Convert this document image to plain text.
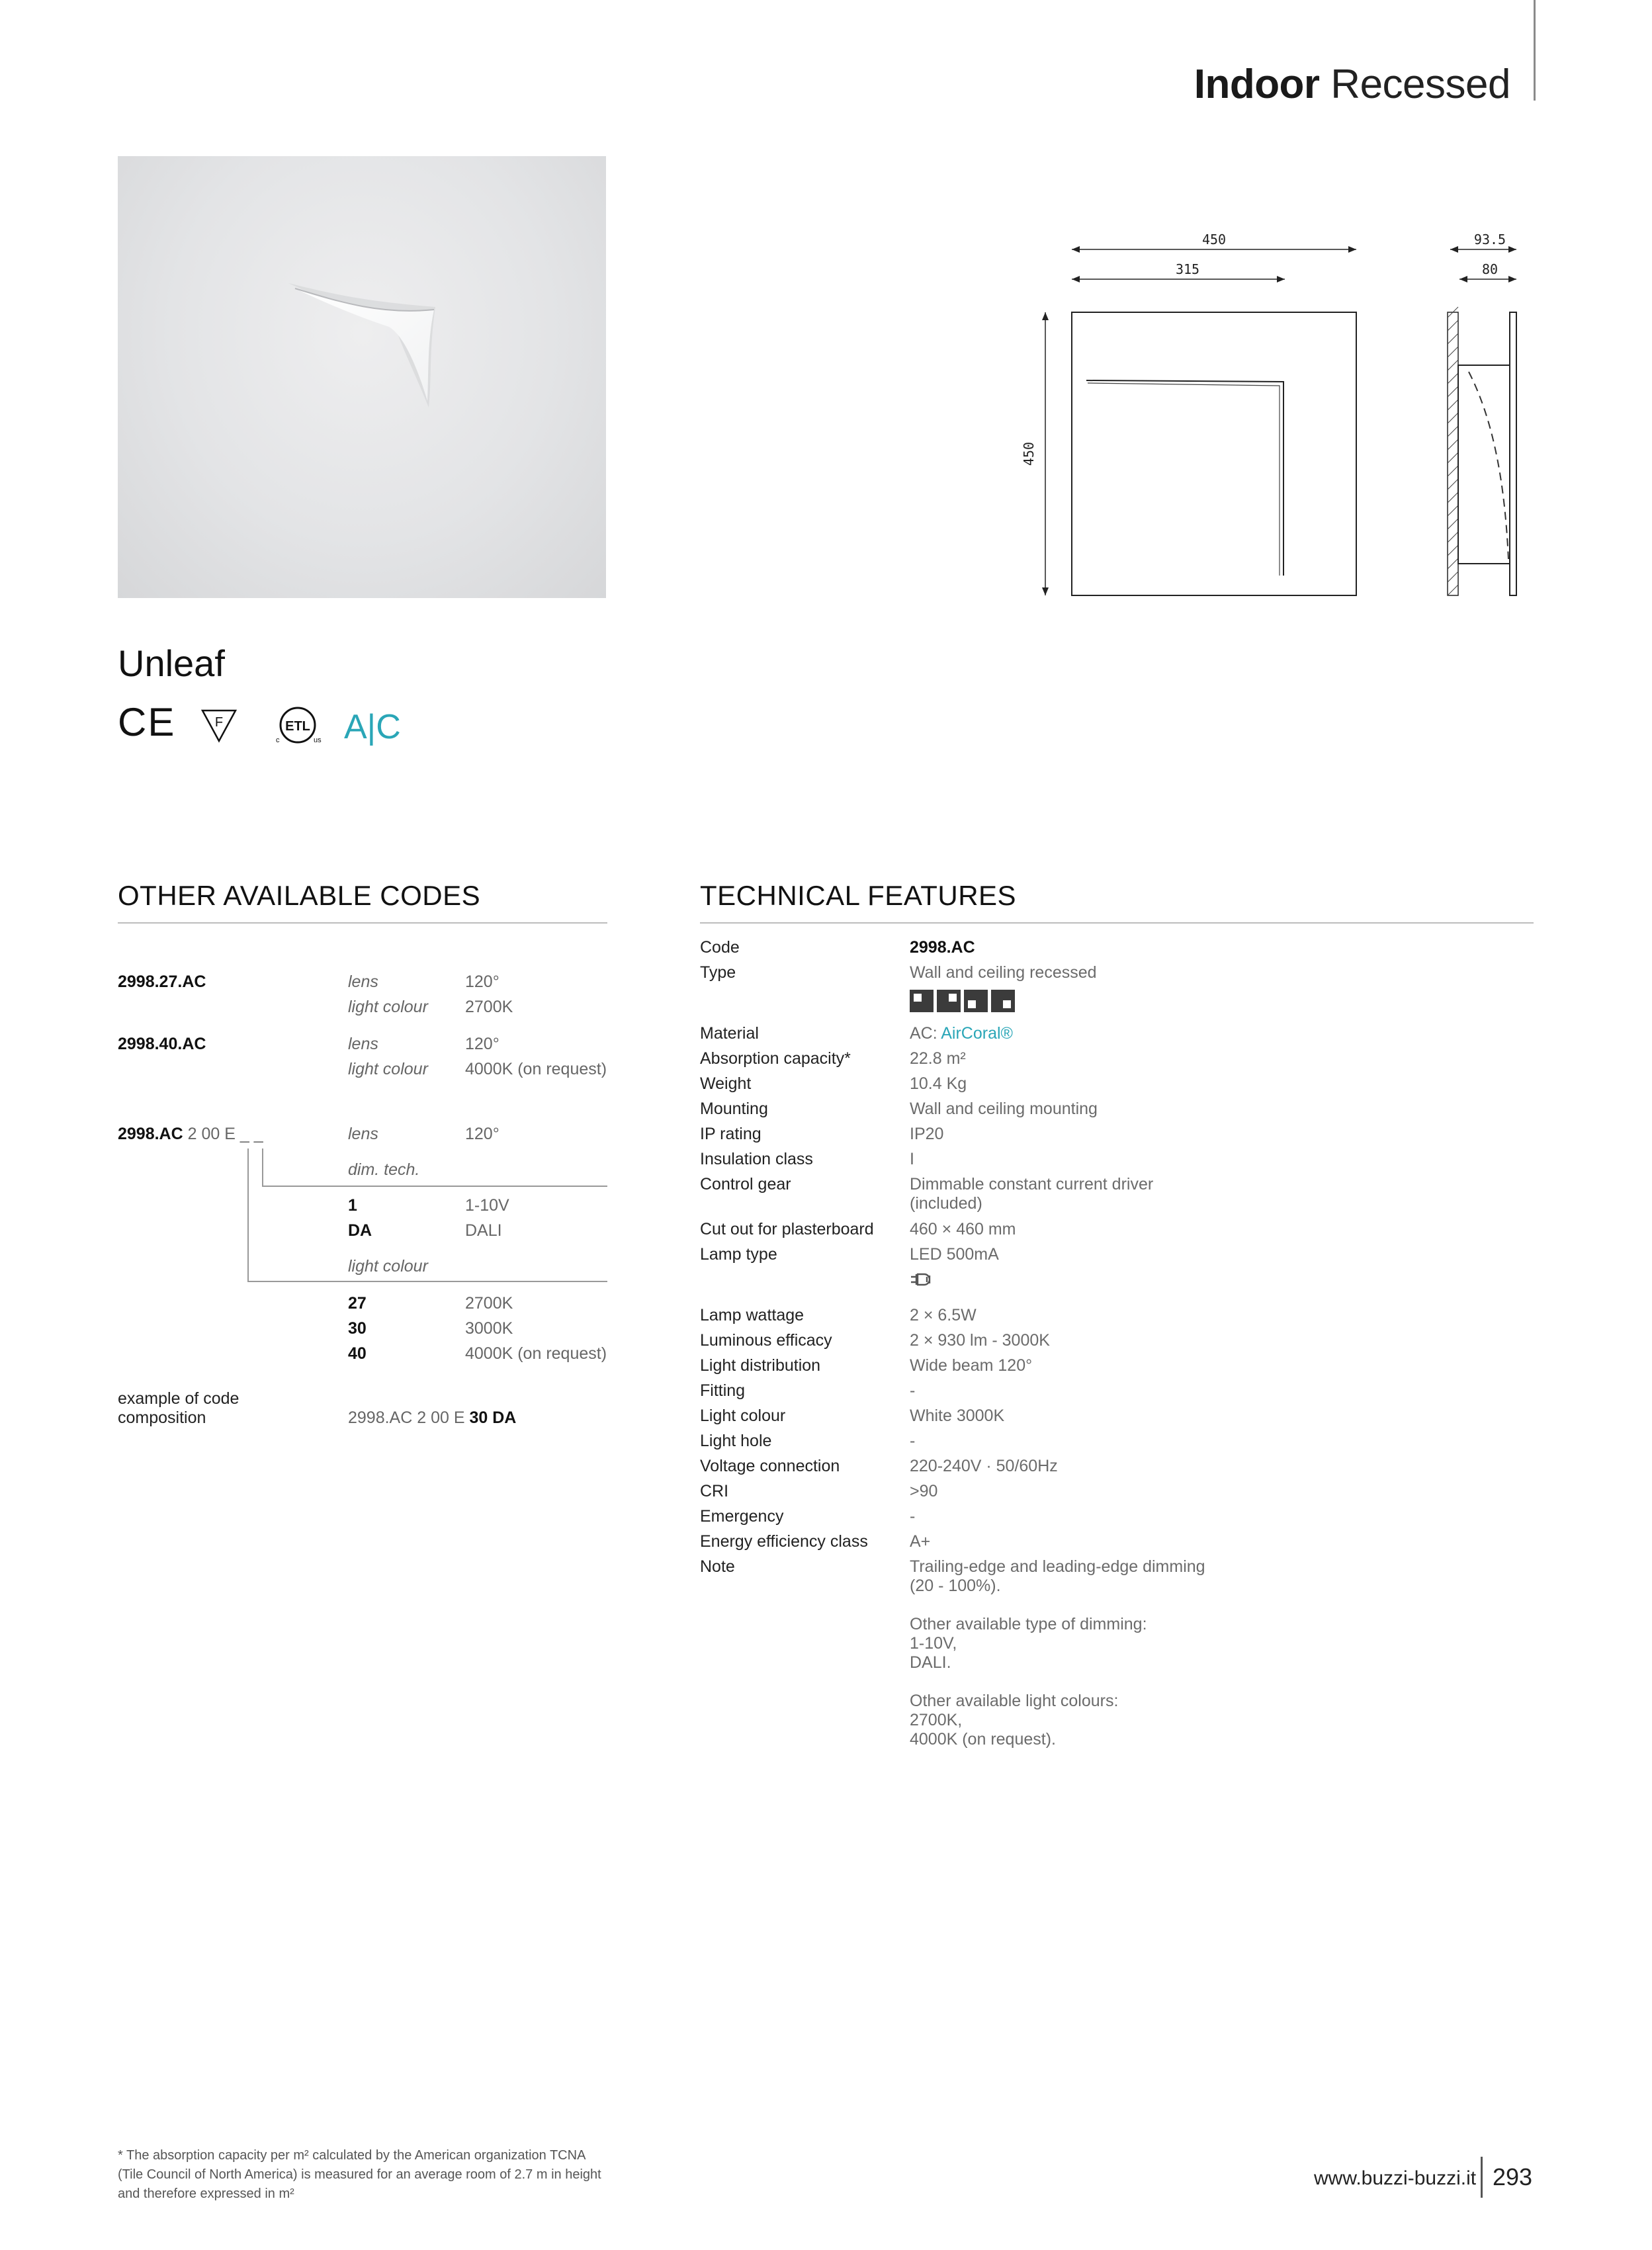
Indoor Recessed
450
315
450
93.5
80
Unleaf
CE	F	ETL
c	us A|C
OTHER AVAILABLE CODES
2998.27.AC	lens	120°
light colour 2700K
2998.40.AC	lens	120°
light colour 4000K (on request)
2998.AC 2 00 E _ _	lens	120°
dim. tech.
1	1-10V
DA	DALI
light colour
27	2700K
30	3000K
40	4000K (on request)
example of code
composition	2998.AC 2 00 E 30 DA
TECHNICAL FEATURES
Code	2998.AC
Type	Wall and ceiling recessed
Material	AC: AirCoral®
Absorption capacity*	22.8 m²
Weight	10.4 Kg
Mounting	Wall and ceiling mounting
IP rating	IP20
Insulation class	I
Control gear	Dimmable constant current driver
(included)
Cut out for plasterboard 460 × 460 mm
Lamp type	LED 500mA
Lamp wattage	2 × 6.5W
Luminous efficacy	2 × 930 lm - 3000K
Light distribution	Wide beam 120°
Fitting	-
Light colour	White 3000K
Light hole	-
Voltage connection	220-240V · 50/60Hz
CRI	>90
Emergency	-
Energy efficiency class	A+
Note	Trailing-edge and leading-edge dimming
(20 - 100%).

Other available type of dimming:
1-10V,
DALI.

Other available light colours:
2700K,
4000K (on request).
* The absorption capacity per m² calculated by the American organization TCNA (Tile Council of North America) is measured for an average room of 2.7 m in height and therefore expressed in m²
www.buzzi-buzzi.it 293
